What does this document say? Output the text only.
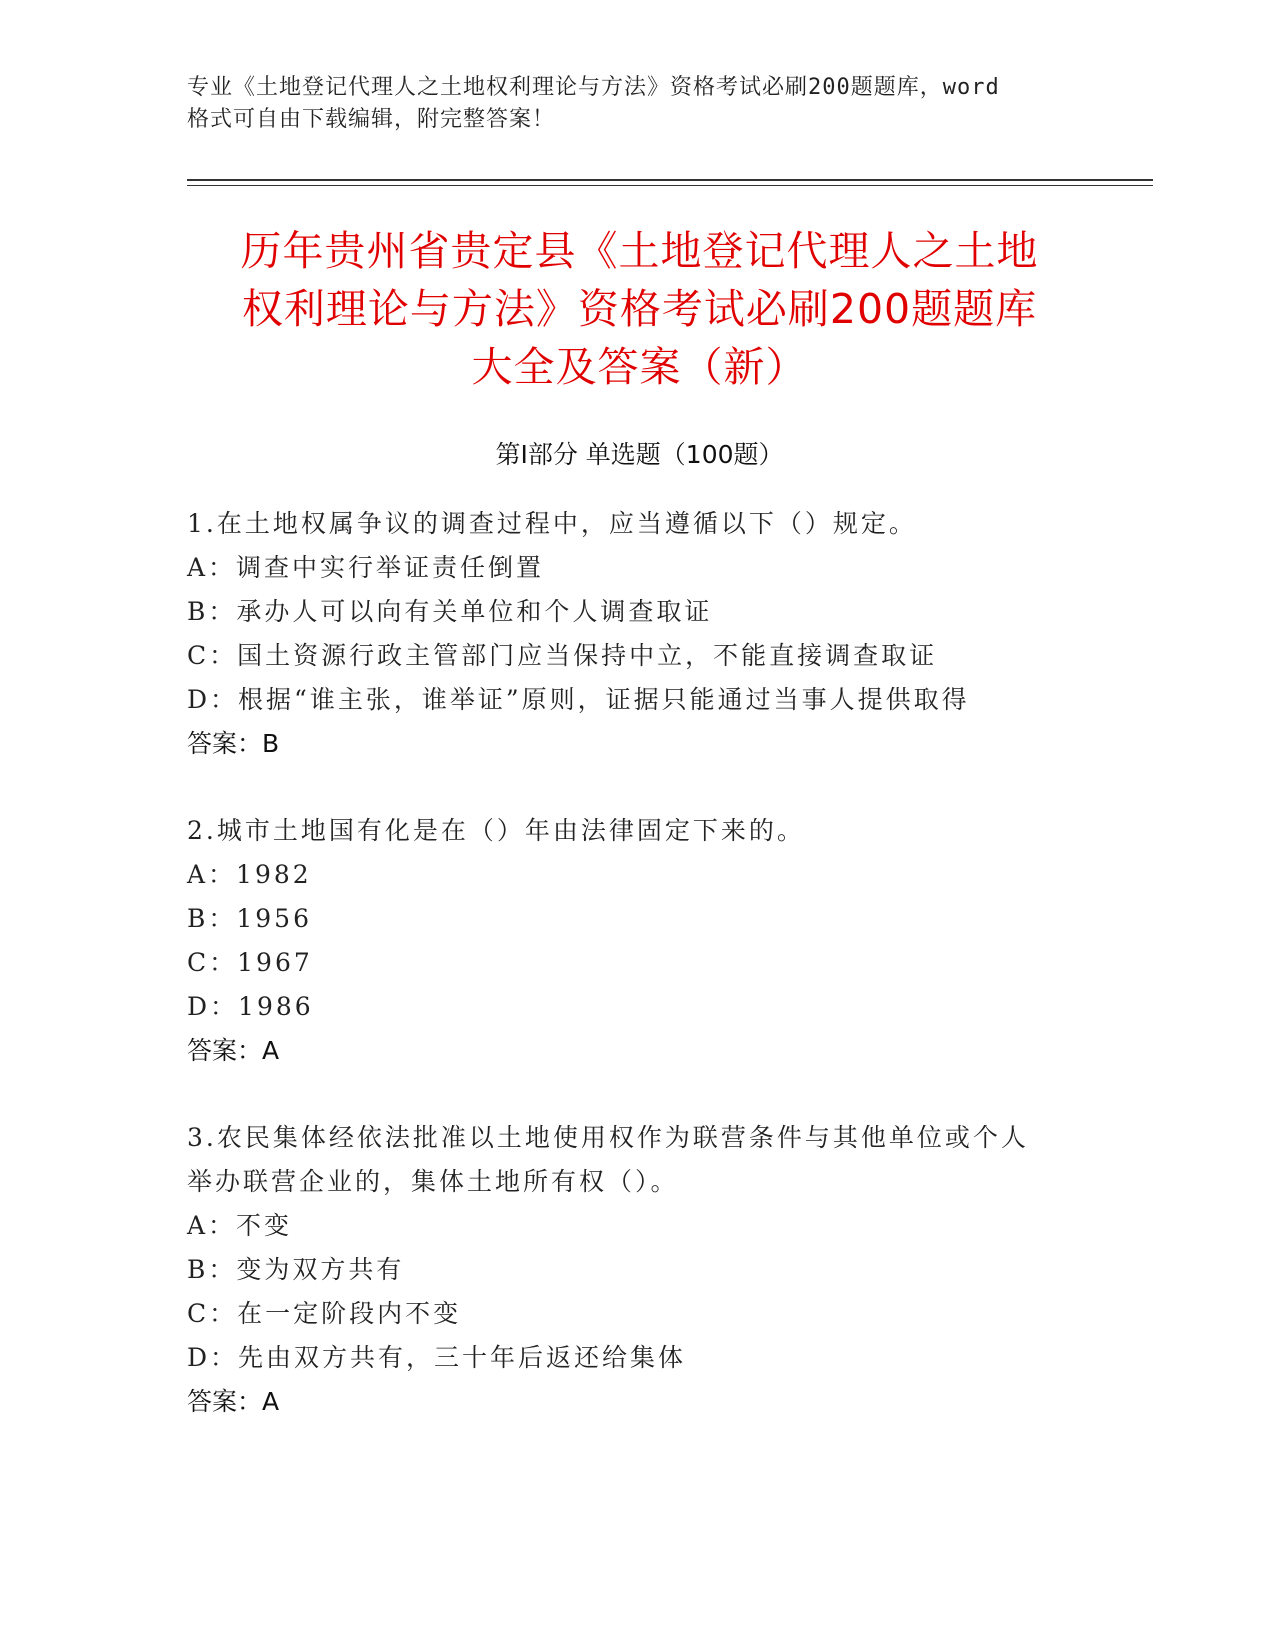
专业《土地登记代理人之土地权利理论与方法》资格考试必刷200题题库，word
格式可自由下载编辑，附完整答案！
历年贵州省贵定县《土地登记代理人之土地
权利理论与方法》资格考试必刷200题题库
大全及答案（新）
第Ⅰ部分 单选题（100题）
1.在土地权属争议的调查过程中，应当遵循以下（）规定。
A：调查中实行举证责任倒置
B：承办人可以向有关单位和个人调查取证
C：国土资源行政主管部门应当保持中立，不能直接调查取证
D：根据“谁主张，谁举证”原则，证据只能通过当事人提供取得
答案：B
2.城市土地国有化是在（）年由法律固定下来的。
A：1982
B：1956
C：1967
D：1986
答案：A
3.农民集体经依法批准以土地使用权作为联营条件与其他单位或个人
举办联营企业的，集体土地所有权（）。
A：不变
B：变为双方共有
C：在一定阶段内不变
D：先由双方共有，三十年后返还给集体
答案：A
